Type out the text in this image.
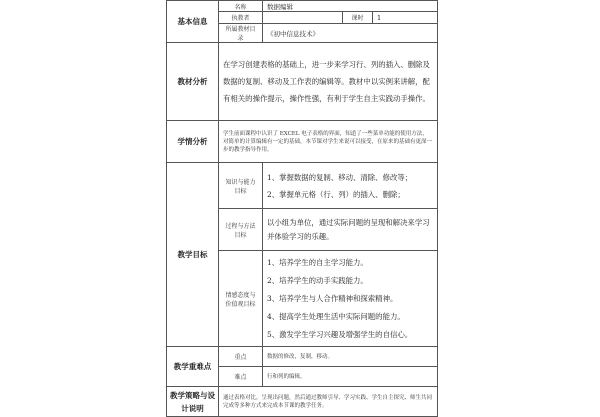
基本信息	名称	数据编辑		
	执教者		课时	1
	所属教材目录	《初中信息技术》		
教材分析	在学习创建表格的基础上，进一步来学习行、列的插入、删除及数据的复制、移动及工作表的编辑等。教材中以实例来讲解，配有相关的操作提示，操作性强，有利于学生自主实践动手操作。			
学情分析	学生前面课程中认识了 EXCEL 电子表格的界面，知道了一些菜单功能的使用方法，对简单的计算编辑有一定的基础，本节课对学生来说可以接受，在原来的基础有更深一步的教学指导作用。			
教学目标	知识与能力目标	1、掌握数据的复制、移动、清除、修改等；
2、掌握单元格（行、列）的插入、删除；		

	过程与方法目标	以小组为单位，通过实际问题的呈现和解决来学习并体验学习的乐趣。		
	情感态度与价值观目标	1、培养学生的自主学习能力。
2、培养学生的动手实践能力。
3、培养学生与人合作精神和探索精神。
4、提高学生处理生活中实际问题的能力。
5、激发学生学习兴趣及增强学生的自信心。		

教学重难点	重点	数据的修改，复制，移动。		
	难点	行和列的编辑。		
教学策略与设计说明	通过表格对比，呈现出问题，然后通过教师引导、学习实践、学生自主探究、师生共同完成等多种方式来完成本节课的教学任务。			
